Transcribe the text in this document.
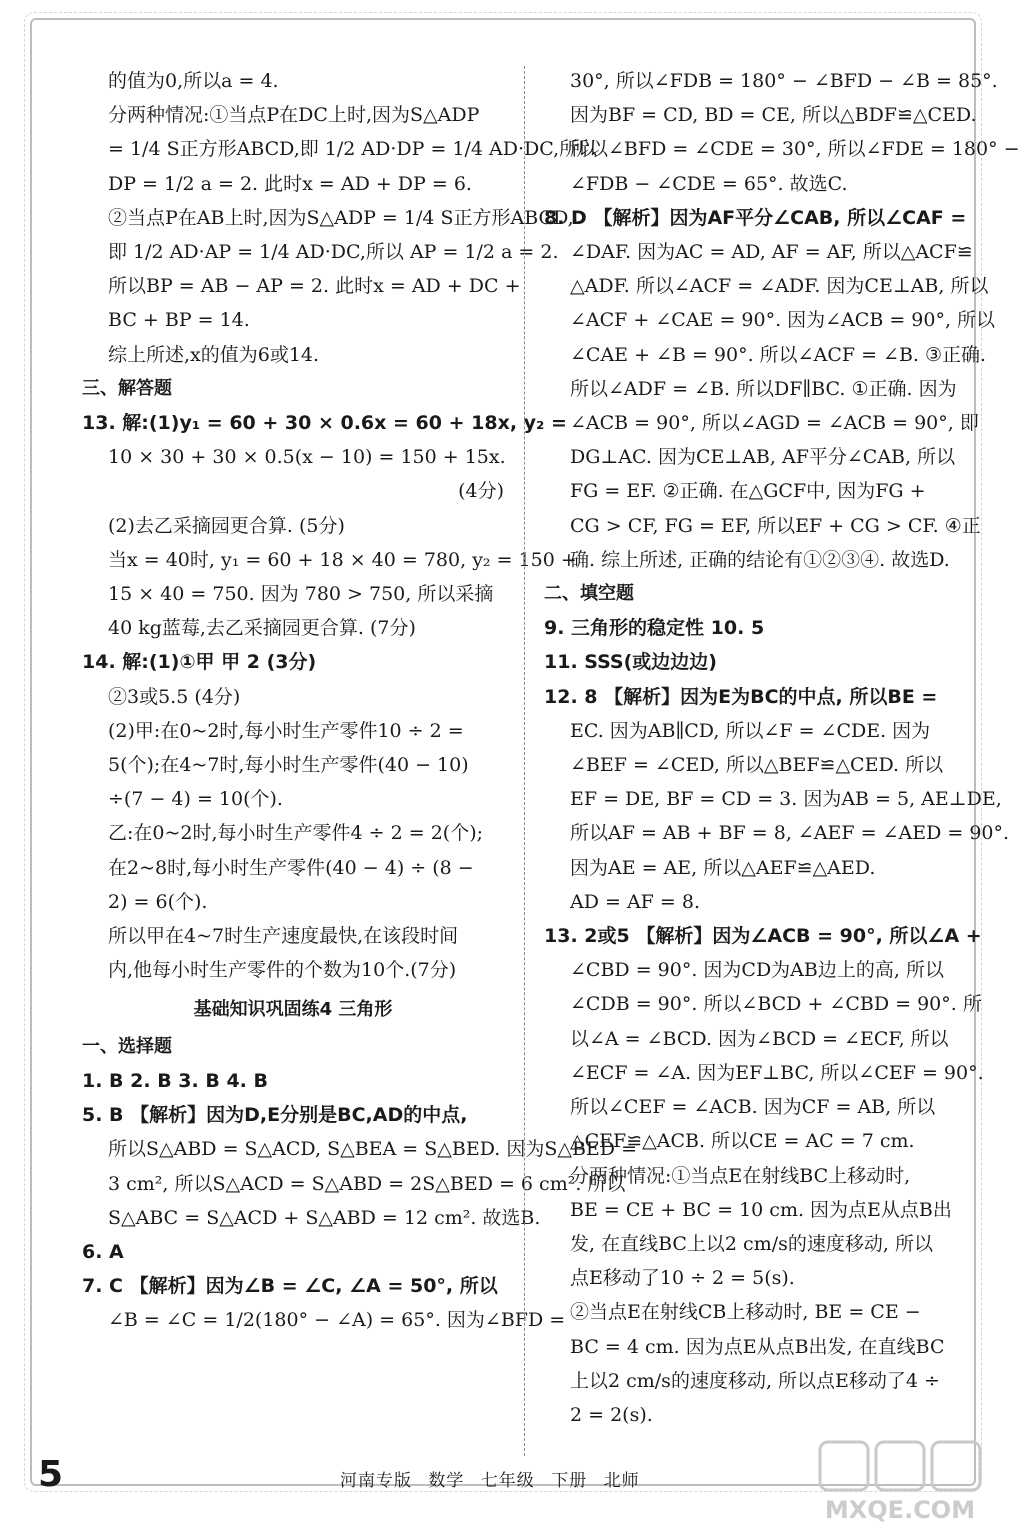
的值为0,所以a = 4.
分两种情况:①当点P在DC上时,因为S△ADP
= 1/4 S正方形ABCD,即 1/2 AD·DP = 1/4 AD·DC,所以
DP = 1/2 a = 2. 此时x = AD + DP = 6.
②当点P在AB上时,因为S△ADP = 1/4 S正方形ABCD,
即 1/2 AD·AP = 1/4 AD·DC,所以 AP = 1/2 a = 2.
所以BP = AB − AP = 2. 此时x = AD + DC +
BC + BP = 14.
综上所述,x的值为6或14.
三、解答题
13. 解:(1)y₁ = 60 + 30 × 0.6x = 60 + 18x, y₂ =
10 × 30 + 30 × 0.5(x − 10) = 150 + 15x.
(4分)
(2)去乙采摘园更合算. (5分)
当x = 40时, y₁ = 60 + 18 × 40 = 780, y₂ = 150 +
15 × 40 = 750. 因为 780 > 750, 所以采摘
40 kg蓝莓,去乙采摘园更合算. (7分)
14. 解:(1)①甲 甲 2 (3分)
②3或5.5 (4分)
(2)甲:在0~2时,每小时生产零件10 ÷ 2 =
5(个);在4~7时,每小时生产零件(40 − 10)
÷(7 − 4) = 10(个).
乙:在0~2时,每小时生产零件4 ÷ 2 = 2(个);
在2~8时,每小时生产零件(40 − 4) ÷ (8 −
2) = 6(个).
所以甲在4~7时生产速度最快,在该段时间
内,他每小时生产零件的个数为10个.(7分)
基础知识巩固练4 三角形
一、选择题
1. B 2. B 3. B 4. B
5. B 【解析】因为D,E分别是BC,AD的中点,
所以S△ABD = S△ACD, S△BEA = S△BED. 因为S△BED =
3 cm², 所以S△ACD = S△ABD = 2S△BED = 6 cm². 所以
S△ABC = S△ACD + S△ABD = 12 cm². 故选B.
6. A
7. C 【解析】因为∠B = ∠C, ∠A = 50°, 所以
∠B = ∠C = 1/2(180° − ∠A) = 65°. 因为∠BFD =
30°, 所以∠FDB = 180° − ∠BFD − ∠B = 85°.
因为BF = CD, BD = CE, 所以△BDF≌△CED.
所以∠BFD = ∠CDE = 30°, 所以∠FDE = 180° −
∠FDB − ∠CDE = 65°. 故选C.
8. D 【解析】因为AF平分∠CAB, 所以∠CAF =
∠DAF. 因为AC = AD, AF = AF, 所以△ACF≌
△ADF. 所以∠ACF = ∠ADF. 因为CE⊥AB, 所以
∠ACF + ∠CAE = 90°. 因为∠ACB = 90°, 所以
∠CAE + ∠B = 90°. 所以∠ACF = ∠B. ③正确.
所以∠ADF = ∠B. 所以DF∥BC. ①正确. 因为
∠ACB = 90°, 所以∠AGD = ∠ACB = 90°, 即
DG⊥AC. 因为CE⊥AB, AF平分∠CAB, 所以
FG = EF. ②正确. 在△GCF中, 因为FG +
CG > CF, FG = EF, 所以EF + CG > CF. ④正
确. 综上所述, 正确的结论有①②③④. 故选D.
二、填空题
9. 三角形的稳定性 10. 5
11. SSS(或边边边)
12. 8 【解析】因为E为BC的中点, 所以BE =
EC. 因为AB∥CD, 所以∠F = ∠CDE. 因为
∠BEF = ∠CED, 所以△BEF≌△CED. 所以
EF = DE, BF = CD = 3. 因为AB = 5, AE⊥DE,
所以AF = AB + BF = 8, ∠AEF = ∠AED = 90°.
因为AE = AE, 所以△AEF≌△AED.
AD = AF = 8.
13. 2或5 【解析】因为∠ACB = 90°, 所以∠A +
∠CBD = 90°. 因为CD为AB边上的高, 所以
∠CDB = 90°. 所以∠BCD + ∠CBD = 90°. 所
以∠A = ∠BCD. 因为∠BCD = ∠ECF, 所以
∠ECF = ∠A. 因为EF⊥BC, 所以∠CEF = 90°.
所以∠CEF = ∠ACB. 因为CF = AB, 所以
△CEF≌△ACB. 所以CE = AC = 7 cm.
分两种情况:①当点E在射线BC上移动时,
BE = CE + BC = 10 cm. 因为点E从点B出
发, 在直线BC上以2 cm/s的速度移动, 所以
点E移动了10 ÷ 2 = 5(s).
②当点E在射线CB上移动时, BE = CE −
BC = 4 cm. 因为点E从点B出发, 在直线BC
上以2 cm/s的速度移动, 所以点E移动了4 ÷
2 = 2(s).
5	河南专版 数学 七年级 下册 北师
MXQE.COM
